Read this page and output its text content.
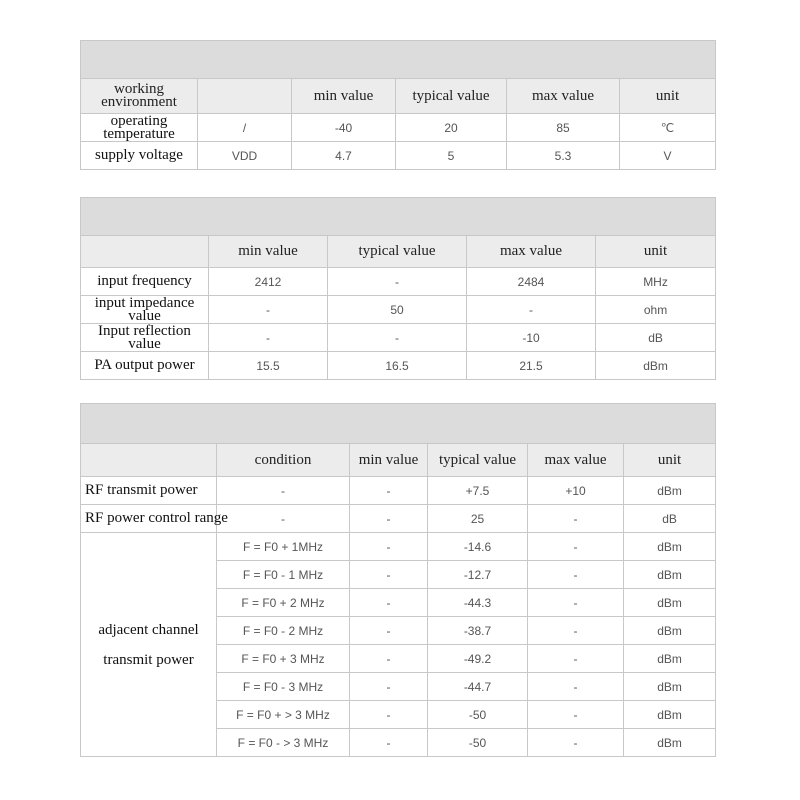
working environment		min value	typical value	max value	unit
operating temperature	/	-40	20	85	℃
supply voltage	VDD	4.7	5	5.3	V

	min value	typical value	max value	unit
input frequency	2412	-	2484	MHz
input impedance value	-	50	-	ohm
Input reflection value	-	-	-10	dB
PA output power	15.5	16.5	21.5	dBm

	condition	min value	typical value	max value	unit
RF transmit power	-	-	+7.5	+10	dBm
RF power control range	-	-	25	-	dB

adjacent channel
transmit power	F = F0 + 1MHz	-	-14.6	-	dBm
	F = F0 - 1 MHz	-	-12.7	-	dBm
	F = F0 + 2 MHz	-	-44.3	-	dBm
	F = F0 - 2 MHz	-	-38.7	-	dBm
	F = F0 + 3 MHz	-	-49.2	-	dBm
	F = F0 - 3 MHz	-	-44.7	-	dBm
	F = F0 + > 3 MHz	-	-50	-	dBm
	F = F0 - > 3 MHz	-	-50	-	dBm
